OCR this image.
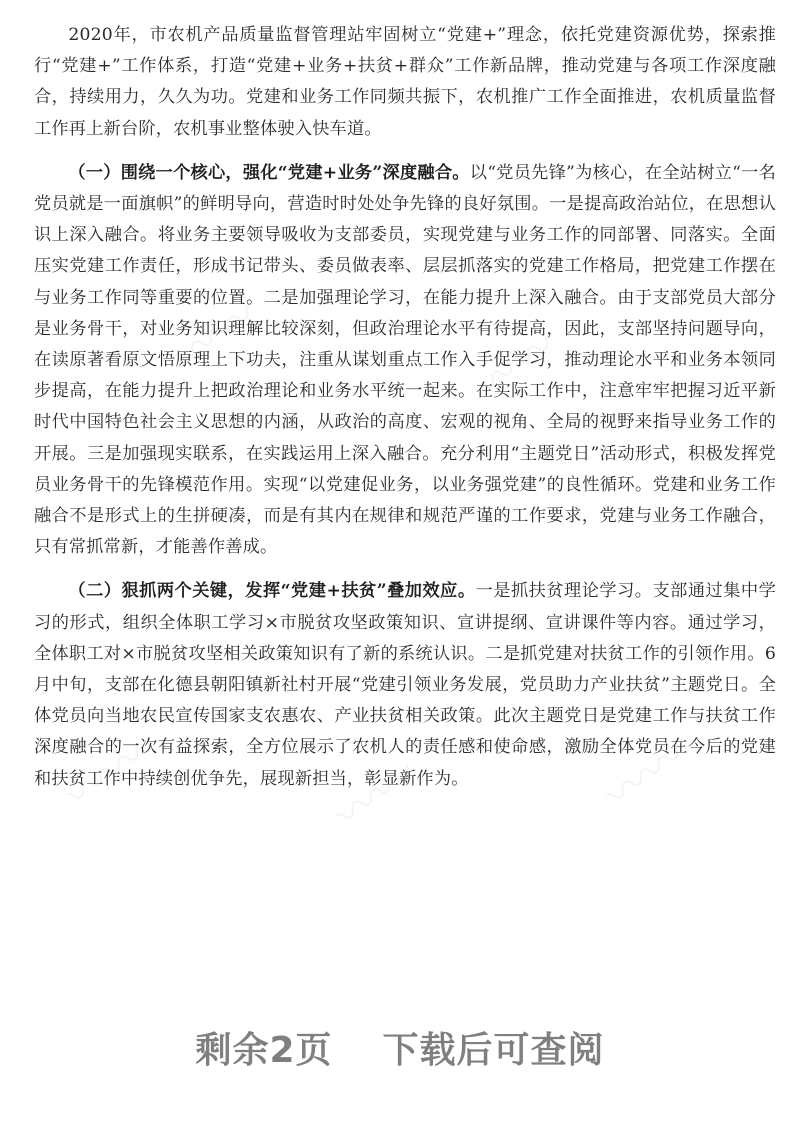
〰〰	〰〰
〰〰	〰〰	〰〰

2020年，市农机产品质量监督管理站牢固树立“党建+”理念，依托党建资源优势，探索推行“党建+”工作体系，打造“党建+业务+扶贫+群众”工作新品牌，推动党建与各项工作深度融合，持续用力，久久为功。党建和业务工作同频共振下，农机推广工作全面推进，农机质量监督工作再上新台阶，农机事业整体驶入快车道。

（一）围绕一个核心，强化“党建+业务”深度融合。以“党员先锋”为核心，在全站树立“一名党员就是一面旗帜”的鲜明导向，营造时时处处争先锋的良好氛围。一是提高政治站位，在思想认识上深入融合。将业务主要领导吸收为支部委员，实现党建与业务工作的同部署、同落实。全面压实党建工作责任，形成书记带头、委员做表率、层层抓落实的党建工作格局，把党建工作摆在与业务工作同等重要的位置。二是加强理论学习，在能力提升上深入融合。由于支部党员大部分是业务骨干，对业务知识理解比较深刻，但政治理论水平有待提高，因此，支部坚持问题导向，在读原著看原文悟原理上下功夫，注重从谋划重点工作入手促学习，推动理论水平和业务本领同步提高，在能力提升上把政治理论和业务水平统一起来。在实际工作中，注意牢牢把握习近平新时代中国特色社会主义思想的内涵，从政治的高度、宏观的视角、全局的视野来指导业务工作的开展。三是加强现实联系，在实践运用上深入融合。充分利用“主题党日”活动形式，积极发挥党员业务骨干的先锋模范作用。实现“以党建促业务，以业务强党建”的良性循环。党建和业务工作融合不是形式上的生拼硬凑，而是有其内在规律和规范严谨的工作要求，党建与业务工作融合，只有常抓常新，才能善作善成。

（二）狠抓两个关键，发挥“党建+扶贫”叠加效应。一是抓扶贫理论学习。支部通过集中学习的形式，组织全体职工学习×市脱贫攻坚政策知识、宣讲提纲、宣讲课件等内容。通过学习，全体职工对×市脱贫攻坚相关政策知识有了新的系统认识。二是抓党建对扶贫工作的引领作用。6月中旬，支部在化德县朝阳镇新社村开展“党建引领业务发展，党员助力产业扶贫”主题党日。全体党员向当地农民宣传国家支农惠农、产业扶贫相关政策。此次主题党日是党建工作与扶贫工作深度融合的一次有益探索，全方位展示了农机人的责任感和使命感，激励全体党员在今后的党建和扶贫工作中持续创优争先，展现新担当，彰显新作为。

剩余2页 下载后可查阅
